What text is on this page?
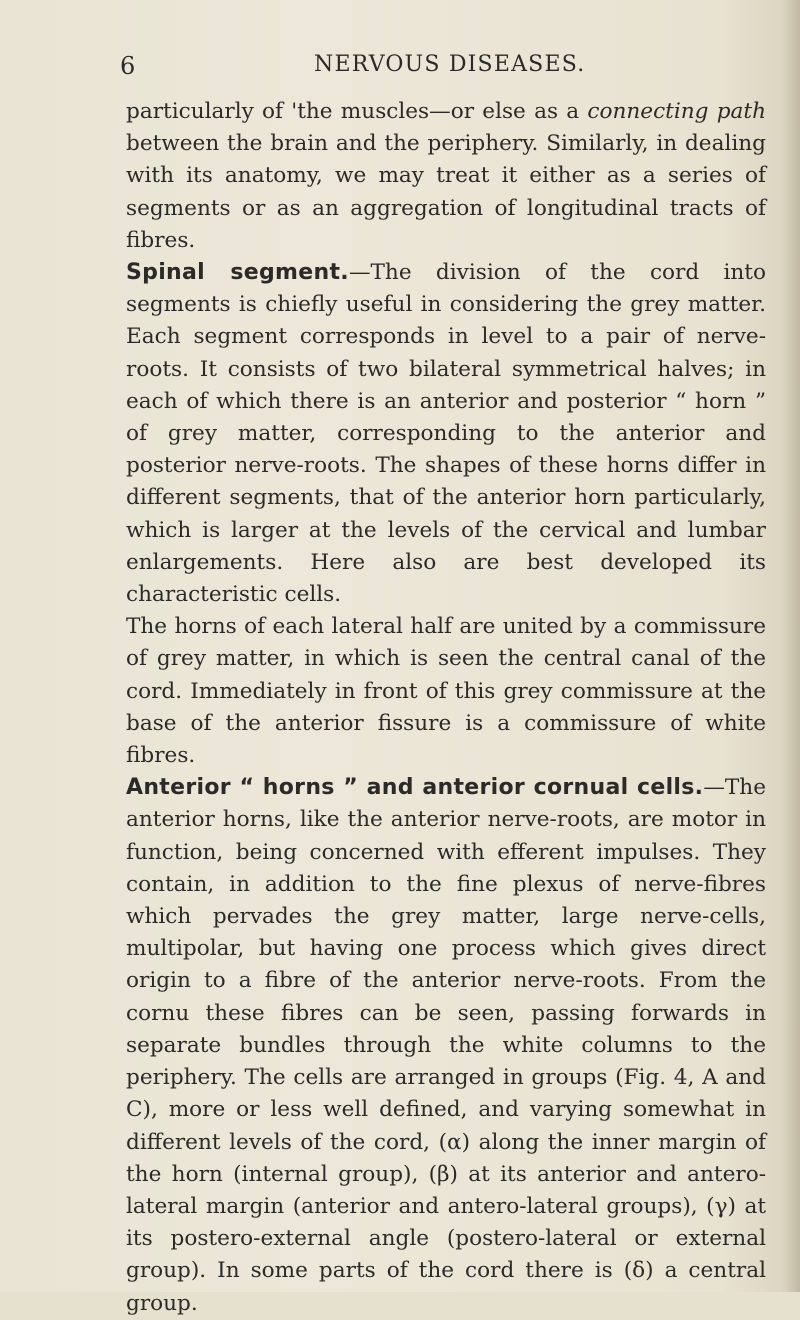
6	NERVOUS DISEASES.

particularly of 'the muscles—or else as a connecting path between the brain and the periphery. Similarly, in dealing with its anatomy, we may treat it either as a series of segments or as an aggregation of longitudinal tracts of fibres.

Spinal segment.—The division of the cord into segments is chiefly useful in considering the grey matter. Each segment corresponds in level to a pair of nerve-roots. It consists of two bilateral symmetrical halves; in each of which there is an anterior and posterior “ horn ” of grey matter, corresponding to the anterior and posterior nerve-roots. The shapes of these horns differ in different segments, that of the anterior horn particularly, which is larger at the levels of the cervical and lumbar enlargements. Here also are best developed its characteristic cells.

The horns of each lateral half are united by a commissure of grey matter, in which is seen the central canal of the cord. Immediately in front of this grey commissure at the base of the anterior fissure is a commissure of white fibres.

Anterior “ horns ” and anterior cornual cells.—The anterior horns, like the anterior nerve-roots, are motor in function, being concerned with efferent impulses. They contain, in addition to the fine plexus of nerve-fibres which pervades the grey matter, large nerve-cells, multipolar, but having one process which gives direct origin to a fibre of the anterior nerve-roots. From the cornu these fibres can be seen, passing forwards in separate bundles through the white columns to the periphery. The cells are arranged in groups (Fig. 4, A and C), more or less well defined, and varying somewhat in different levels of the cord, (α) along the inner margin of the horn (internal group), (β) at its anterior and antero-lateral margin (anterior and antero-lateral groups), (γ) at its postero-external angle (postero-lateral or external group). In some parts of the cord there is (δ) a central group.
